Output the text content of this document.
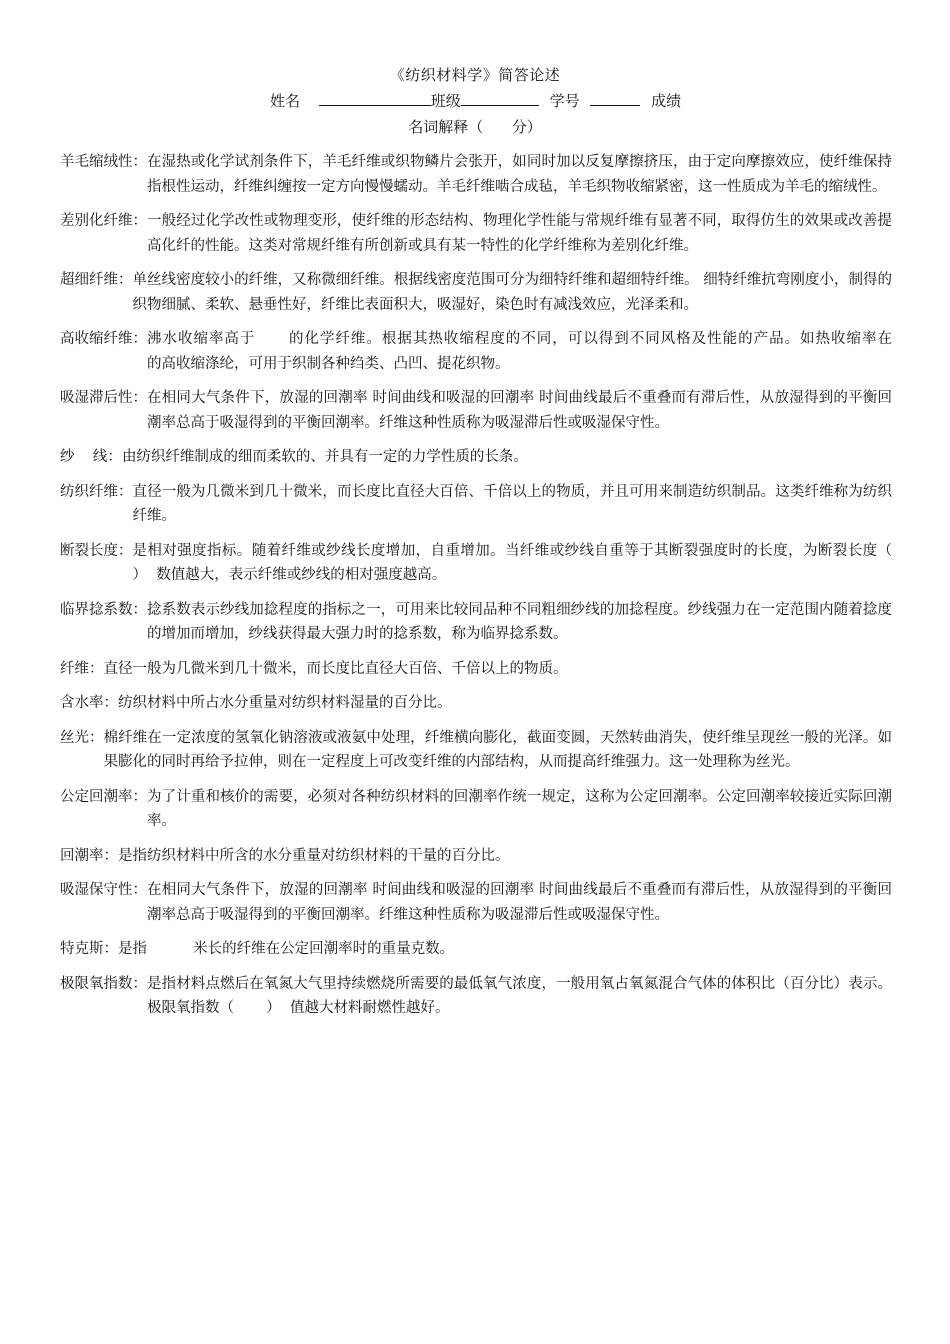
《纺织材料学》简答论述
姓名	班级	学号	成绩
名词解释（      分）
羊毛缩绒性： 在湿热或化学试剂条件下，羊毛纤维或织物鳞片会张开，如同时加以反复摩擦挤压，由于定向摩擦效应，使纤维保持指根性运动，纤维纠缠按一定方向慢慢蠕动。羊毛纤维啮合成毡，羊毛织物收缩紧密，这一性质成为羊毛的缩绒性。
差别化纤维： 一般经过化学改性或物理变形，使纤维的形态结构、物理化学性能与常规纤维有显著不同，取得仿生的效果或改善提高化纤的性能。这类对常规纤维有所创新或具有某一特性的化学纤维称为差别化纤维。
超细纤维： 单丝线密度较小的纤维，又称微细纤维。根据线密度范围可分为细特纤维和超细特纤维。 细特纤维抗弯刚度小，制得的织物细腻、柔软、悬垂性好，纤维比表面积大，吸湿好，染色时有减浅效应，光泽柔和。
高收缩纤维： 沸水收缩率高于      的化学纤维。根据其热收缩程度的不同，可以得到不同风格及性能的产品。如热收缩率在            的高收缩涤纶，可用于织制各种绉类、凸凹、提花织物。
吸湿滞后性： 在相同大气条件下，放湿的回潮率 时间曲线和吸湿的回潮率 时间曲线最后不重叠而有滞后性，从放湿得到的平衡回潮率总高于吸湿得到的平衡回潮率。纤维这种性质称为吸湿滞后性或吸湿保守性。
纱    线： 由纺织纤维制成的细而柔软的、并具有一定的力学性质的长条。
纺织纤维： 直径一般为几微米到几十微米，而长度比直径大百倍、千倍以上的物质，并且可用来制造纺织制品。这类纤维称为纺织纤维。
断裂长度： 是相对强度指标。随着纤维或纱线长度增加，自重增加。当纤维或纱线自重等于其断裂强度时的长度，为断裂长度（     ）  数值越大，表示纤维或纱线的相对强度越高。
临界捻系数： 捻系数表示纱线加捻程度的指标之一，可用来比较同品种不同粗细纱线的加捻程度。纱线强力在一定范围内随着捻度的增加而增加，纱线获得最大强力时的捻系数，称为临界捻系数。
纤维： 直径一般为几微米到几十微米，而长度比直径大百倍、千倍以上的物质。
含水率： 纺织材料中所占水分重量对纺织材料湿量的百分比。
丝光： 棉纤维在一定浓度的氢氧化钠溶液或液氨中处理，纤维横向膨化，截面变圆，天然转曲消失，使纤维呈现丝一般的光泽。如果膨化的同时再给予拉伸，则在一定程度上可改变纤维的内部结构，从而提高纤维强力。这一处理称为丝光。
公定回潮率： 为了计重和核价的需要，必须对各种纺织材料的回潮率作统一规定，这称为公定回潮率。公定回潮率较接近实际回潮率。
回潮率： 是指纺织材料中所含的水分重量对纺织材料的干量的百分比。
吸湿保守性： 在相同大气条件下，放湿的回潮率 时间曲线和吸湿的回潮率 时间曲线最后不重叠而有滞后性，从放湿得到的平衡回潮率总高于吸湿得到的平衡回潮率。纤维这种性质称为吸湿滞后性或吸湿保守性。
特克斯： 是指          米长的纤维在公定回潮率时的重量克数。
极限氧指数： 是指材料点燃后在氧氮大气里持续燃烧所需要的最低氧气浓度，一般用氧占氧氮混合气体的体积比（百分比）表示。极限氧指数（       ）  值越大材料耐燃性越好。
